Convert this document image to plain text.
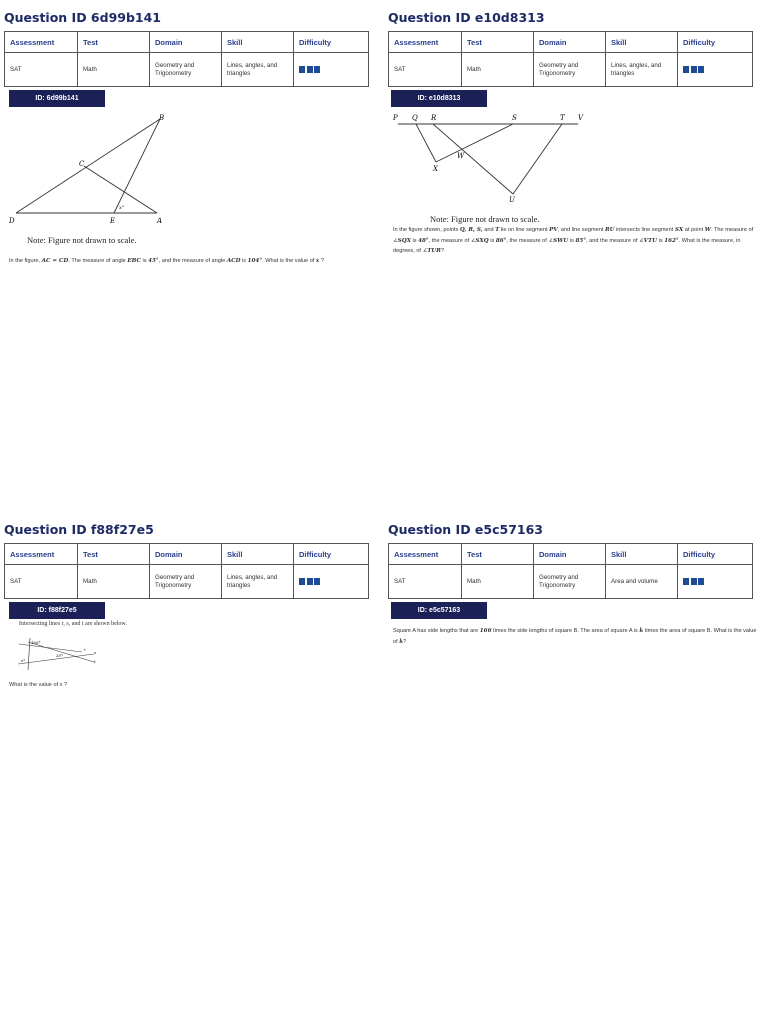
Question ID 6d99b141
Assessment	Test	Domain	Skill	Difficulty
SAT	Math	Geometry and Trigonometry	Lines, angles, and triangles	
ID: 6d99b141
B
C
D	E	A
x°
Note: Figure not drawn to scale.
In the figure, AC = CD. The measure of angle EBC is 45°, and the measure of angle ACD is 104°. What is the value of x ?
Question ID e10d8313
Assessment	Test	Domain	Skill	Difficulty
SAT	Math	Geometry and Trigonometry	Lines, angles, and triangles	
ID: e10d8313
P Q R	S	T V
W
X
U
Note: Figure not drawn to scale.
In the figure shown, points Q, R, S, and T lie on line segment PV, and line segment RU intersects line segment SX at point W. The measure of ∠SQX is 48°, the measure of ∠SXQ is 86°, the measure of ∠SWU is 85°, and the measure of ∠VTU is 162°. What is the measure, in degrees, of ∠TUR?
Question ID f88f27e5
Assessment	Test	Domain	Skill	Difficulty
SAT	Math	Geometry and Trigonometry	Lines, angles, and triangles	
ID: f88f27e5
Intersecting lines r, s, and t are shown below.
106°
x°
35°
r
s
t
What is the value of x ?
Question ID e5c57163
Assessment	Test	Domain	Skill	Difficulty
SAT	Math	Geometry and Trigonometry	Area and volume	
ID: e5c57163
Square A has side lengths that are 166 times the side lengths of square B. The area of square A is k times the area of square B. What is the value of k?
